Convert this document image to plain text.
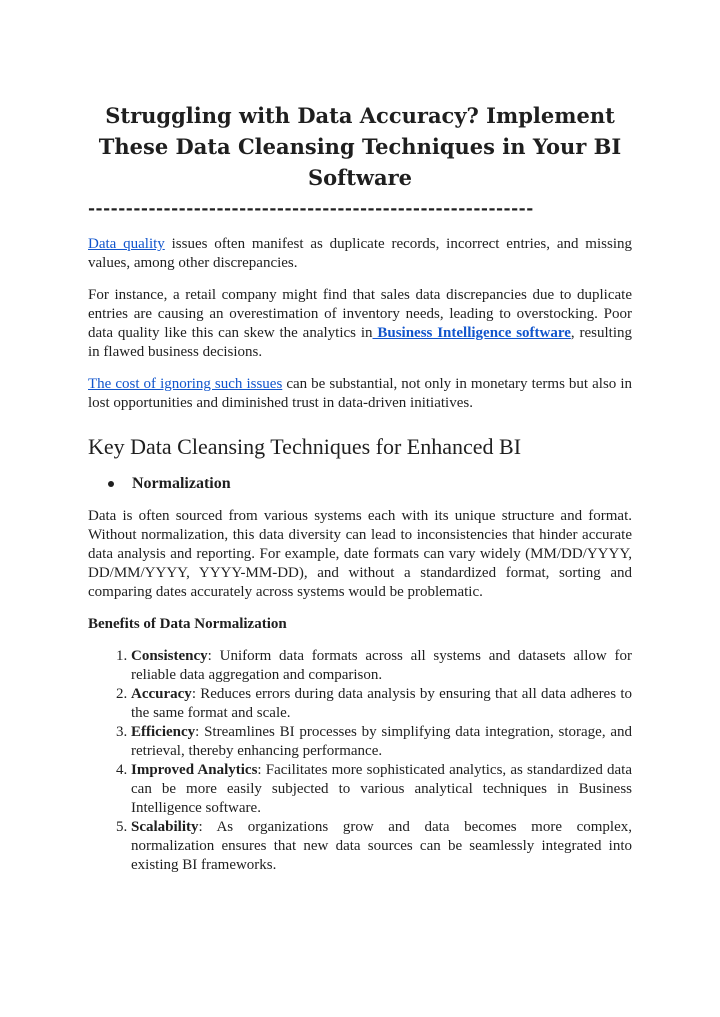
Struggling with Data Accuracy? Implement These Data Cleansing Techniques in Your BI Software
-----------------------------------------------------------

Data quality issues often manifest as duplicate records, incorrect entries, and missing values, among other discrepancies.

For instance, a retail company might find that sales data discrepancies due to duplicate entries are causing an overestimation of inventory needs, leading to overstocking. Poor data quality like this can skew the analytics in Business Intelligence software, resulting in flawed business decisions.

The cost of ignoring such issues can be substantial, not only in monetary terms but also in lost opportunities and diminished trust in data-driven initiatives.

Key Data Cleansing Techniques for Enhanced BI
Normalization

Data is often sourced from various systems each with its unique structure and format. Without normalization, this data diversity can lead to inconsistencies that hinder accurate data analysis and reporting. For example, date formats can vary widely (MM/DD/YYYY, DD/MM/YYYY, YYYY-MM-DD), and without a standardized format, sorting and comparing dates accurately across systems would be problematic.

Benefits of Data Normalization
1. Consistency: Uniform data formats across all systems and datasets allow for reliable data aggregation and comparison.
2. Accuracy: Reduces errors during data analysis by ensuring that all data adheres to the same format and scale.
3. Efficiency: Streamlines BI processes by simplifying data integration, storage, and retrieval, thereby enhancing performance.
4. Improved Analytics: Facilitates more sophisticated analytics, as standardized data can be more easily subjected to various analytical techniques in Business Intelligence software.
5. Scalability: As organizations grow and data becomes more complex, normalization ensures that new data sources can be seamlessly integrated into existing BI frameworks.
